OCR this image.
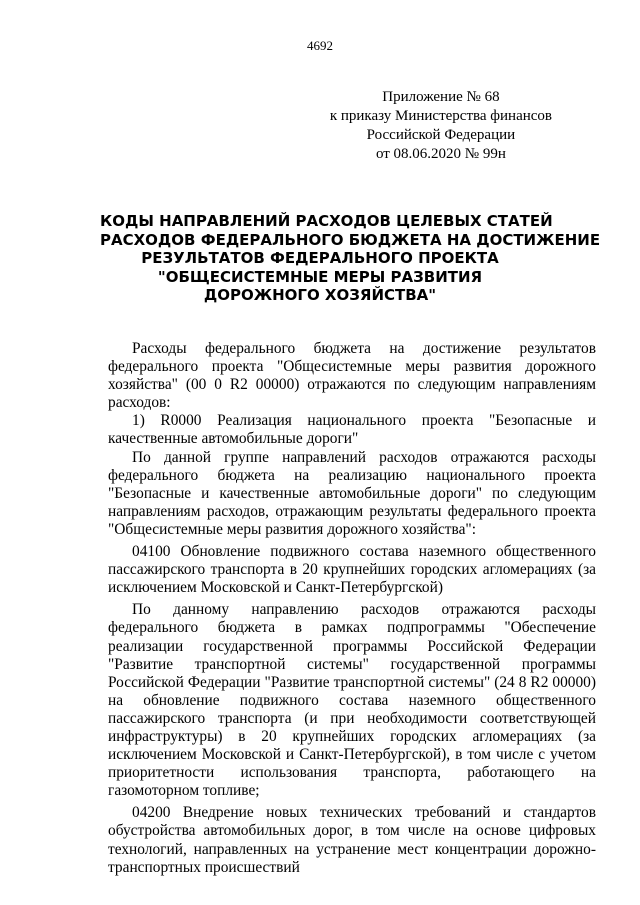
4692
Приложение № 68
к приказу Министерства финансов
Российской Федерации
от 08.06.2020 № 99н
КОДЫ НАПРАВЛЕНИЙ РАСХОДОВ ЦЕЛЕВЫХ СТАТЕЙ
РАСХОДОВ ФЕДЕРАЛЬНОГО БЮДЖЕТА НА ДОСТИЖЕНИЕ
РЕЗУЛЬТАТОВ ФЕДЕРАЛЬНОГО ПРОЕКТА
"ОБЩЕСИСТЕМНЫЕ МЕРЫ РАЗВИТИЯ
ДОРОЖНОГО ХОЗЯЙСТВА"

Расходы федерального бюджета на достижение результатов федерального проекта "Общесистемные меры развития дорожного хозяйства" (00 0 R2 00000) отражаются по следующим направлениям расходов:

1) R0000 Реализация национального проекта "Безопасные и качественные автомобильные дороги"

По данной группе направлений расходов отражаются расходы федерального бюджета на реализацию национального проекта "Безопасные и качественные автомобильные дороги" по следующим направлениям расходов, отражающим результаты федерального проекта "Общесистемные меры развития дорожного хозяйства":

04100 Обновление подвижного состава наземного общественного пассажирского транспорта в 20 крупнейших городских агломерациях (за исключением Московской и Санкт-Петербургской)

По данному направлению расходов отражаются расходы федерального бюджета в рамках подпрограммы "Обеспечение реализации государственной программы Российской Федерации "Развитие транспортной системы" государственной программы Российской Федерации "Развитие транспортной системы" (24 8 R2 00000) на обновление подвижного состава наземного общественного пассажирского транспорта (и при необходимости соответствующей инфраструктуры) в 20 крупнейших городских агломерациях (за исключением Московской и Санкт-Петербургской), в том числе с учетом приоритетности использования транспорта, работающего на газомоторном топливе;

04200 Внедрение новых технических требований и стандартов обустройства автомобильных дорог, в том числе на основе цифровых технологий, направленных на устранение мест концентрации дорожно-транспортных происшествий
